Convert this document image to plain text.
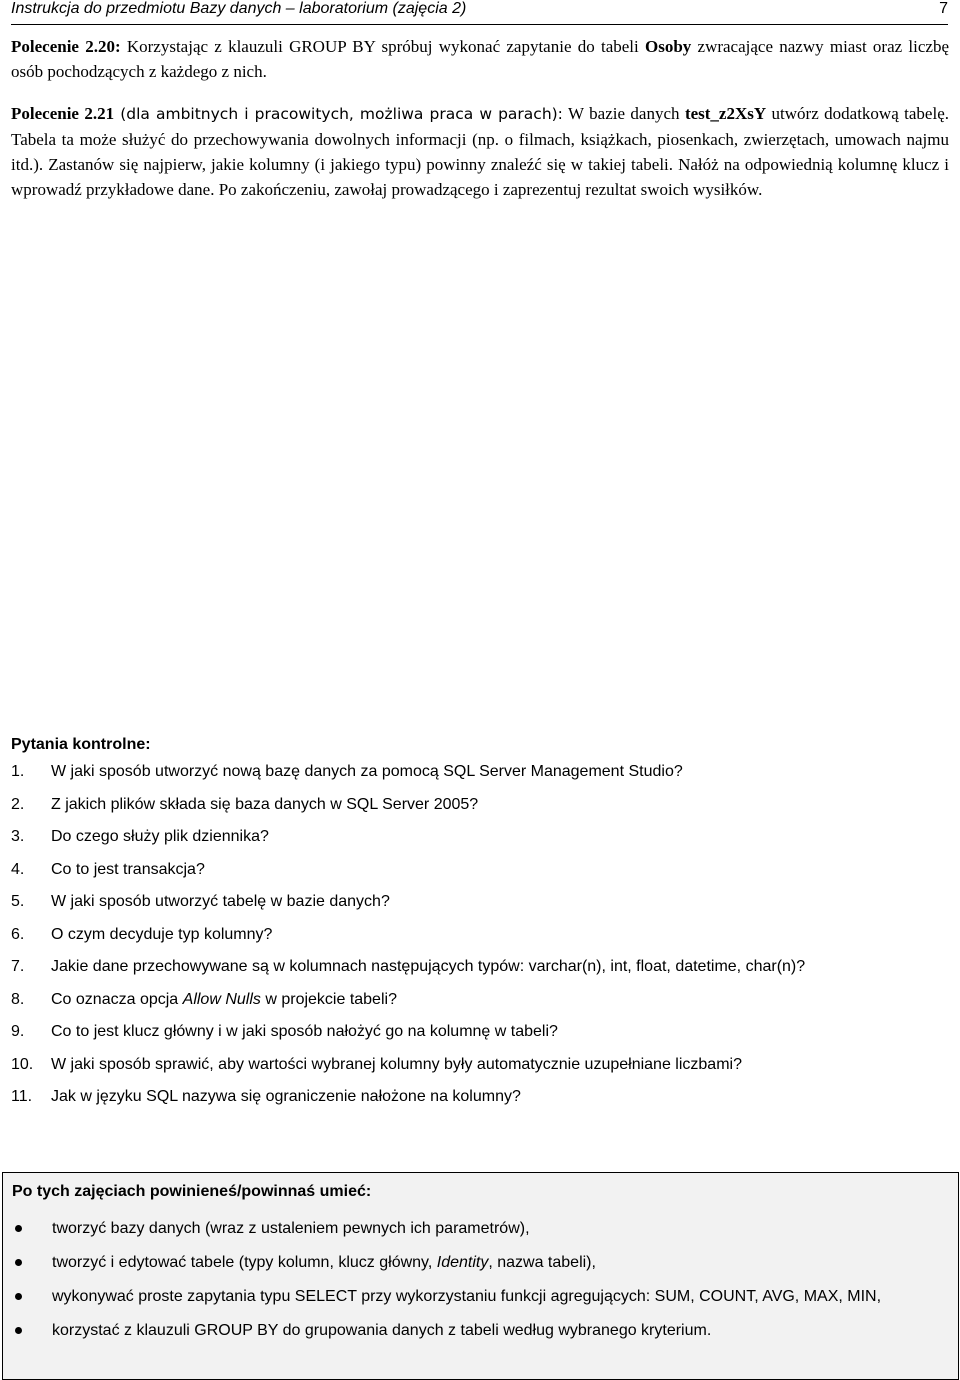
Instrukcja do przedmiotu Bazy danych – laboratorium (zajęcia 2)	7
Polecenie 2.20: Korzystając z klauzuli GROUP BY spróbuj wykonać zapytanie do tabeli Osoby zwracające nazwy miast oraz liczbę osób pochodzących z każdego z nich.
Polecenie 2.21 (dla ambitnych i pracowitych, możliwa praca w parach): W bazie danych test_z2XsY utwórz dodatkową tabelę. Tabela ta może służyć do przechowywania dowolnych informacji (np. o filmach, książkach, piosenkach, zwierzętach, umowach najmu itd.). Zastanów się najpierw, jakie kolumny (i jakiego typu) powinny znaleźć się w takiej tabeli. Nałóż na odpowiednią kolumnę klucz i wprowadź przykładowe dane. Po zakończeniu, zawołaj prowadzącego i zaprezentuj rezultat swoich wysiłków.
Pytania kontrolne:
1.	W jaki sposób utworzyć nową bazę danych za pomocą SQL Server Management Studio?
2.	Z jakich plików składa się baza danych w SQL Server 2005?
3.	Do czego służy plik dziennika?
4.	Co to jest transakcja?
5.	W jaki sposób utworzyć tabelę w bazie danych?
6.	O czym decyduje typ kolumny?
7.	Jakie dane przechowywane są w kolumnach następujących typów: varchar(n), int, float, datetime, char(n)?
8.	Co oznacza opcja Allow Nulls w projekcie tabeli?
9.	Co to jest klucz główny i w jaki sposób nałożyć go na kolumnę w tabeli?
10.	W jaki sposób sprawić, aby wartości wybranej kolumny były automatycznie uzupełniane liczbami?
11.	Jak w języku SQL nazywa się ograniczenie nałożone na kolumny?
Po tych zajęciach powinieneś/powinnaś umieć:
tworzyć bazy danych (wraz z ustaleniem pewnych ich parametrów),
tworzyć i edytować tabele (typy kolumn, klucz główny, Identity, nazwa tabeli),
wykonywać proste zapytania typu SELECT przy wykorzystaniu funkcji agregujących: SUM, COUNT, AVG, MAX, MIN,
korzystać z klauzuli GROUP BY do grupowania danych z tabeli według wybranego kryterium.
